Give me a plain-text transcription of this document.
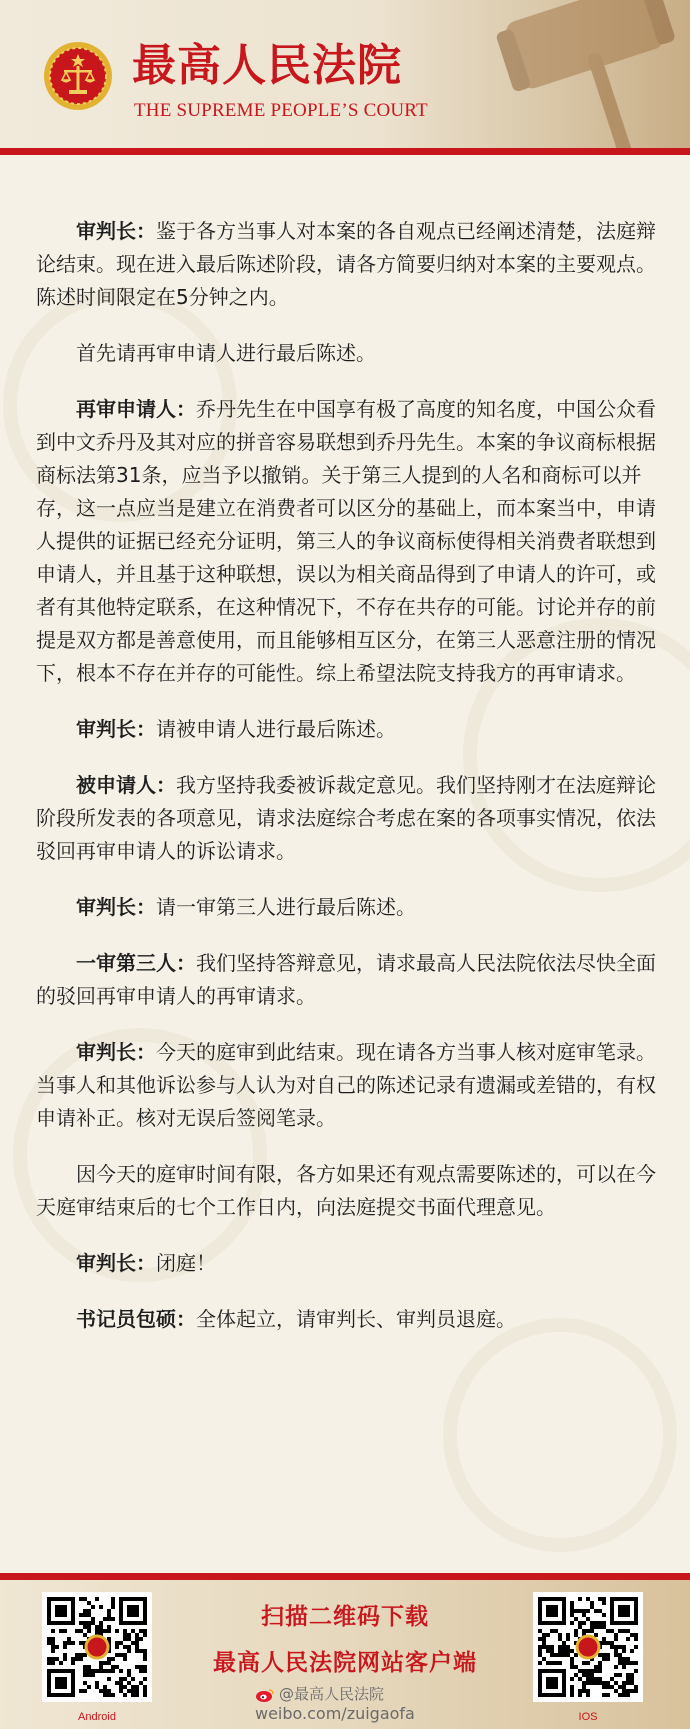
最高人民法院
THE SUPREME PEOPLE’S COURT

审判长：鉴于各方当事人对本案的各自观点已经阐述清楚，法庭辩论结束。现在进入最后陈述阶段，请各方简要归纳对本案的主要观点。陈述时间限定在5分钟之内。

首先请再审申请人进行最后陈述。

再审申请人：乔丹先生在中国享有极了高度的知名度，中国公众看到中文乔丹及其对应的拼音容易联想到乔丹先生。本案的争议商标根据商标法第31条，应当予以撤销。关于第三人提到的人名和商标可以并存，这一点应当是建立在消费者可以区分的基础上，而本案当中，申请人提供的证据已经充分证明，第三人的争议商标使得相关消费者联想到申请人，并且基于这种联想，误以为相关商品得到了申请人的许可，或者有其他特定联系，在这种情况下，不存在共存的可能。讨论并存的前提是双方都是善意使用，而且能够相互区分，在第三人恶意注册的情况下，根本不存在并存的可能性。综上希望法院支持我方的再审请求。

审判长：请被申请人进行最后陈述。

被申请人：我方坚持我委被诉裁定意见。我们坚持刚才在法庭辩论阶段所发表的各项意见，请求法庭综合考虑在案的各项事实情况，依法驳回再审申请人的诉讼请求。

审判长：请一审第三人进行最后陈述。

一审第三人：我们坚持答辩意见，请求最高人民法院依法尽快全面的驳回再审申请人的再审请求。

审判长：今天的庭审到此结束。现在请各方当事人核对庭审笔录。当事人和其他诉讼参与人认为对自己的陈述记录有遗漏或差错的，有权申请补正。核对无误后签阅笔录。

因今天的庭审时间有限，各方如果还有观点需要陈述的，可以在今天庭审结束后的七个工作日内，向法庭提交书面代理意见。

审判长：闭庭！

书记员包硕：全体起立，请审判长、审判员退庭。

Android
扫描二维码下载
最高人民法院网站客户端
@最高人民法院
weibo.com/zuigaofa	IOS
